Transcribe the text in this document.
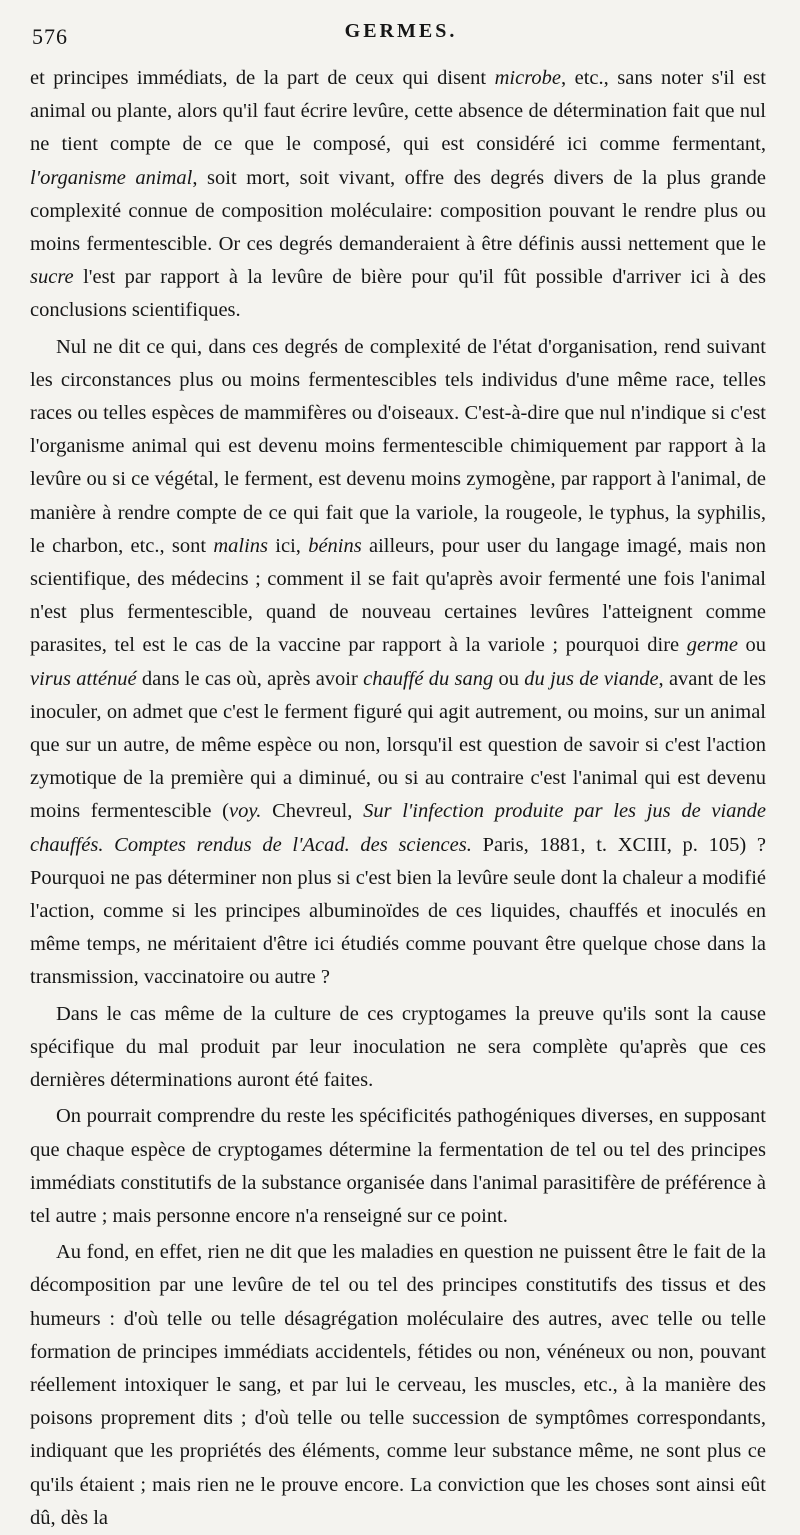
576	GERMES.

et principes immédiats, de la part de ceux qui disent microbe, etc., sans noter s'il est animal ou plante, alors qu'il faut écrire levûre, cette absence de détermination fait que nul ne tient compte de ce que le composé, qui est considéré ici comme fermentant, l'organisme animal, soit mort, soit vivant, offre des degrés divers de la plus grande complexité connue de composition moléculaire: composition pouvant le rendre plus ou moins fermentescible. Or ces degrés demanderaient à être définis aussi nettement que le sucre l'est par rapport à la levûre de bière pour qu'il fût possible d'arriver ici à des conclusions scientifiques.

Nul ne dit ce qui, dans ces degrés de complexité de l'état d'organisation, rend suivant les circonstances plus ou moins fermentescibles tels individus d'une même race, telles races ou telles espèces de mammifères ou d'oiseaux. C'est-à-dire que nul n'indique si c'est l'organisme animal qui est devenu moins fermentescible chimiquement par rapport à la levûre ou si ce végétal, le ferment, est devenu moins zymogène, par rapport à l'animal, de manière à rendre compte de ce qui fait que la variole, la rougeole, le typhus, la syphilis, le charbon, etc., sont malins ici, bénins ailleurs, pour user du langage imagé, mais non scientifique, des médecins ; comment il se fait qu'après avoir fermenté une fois l'animal n'est plus fermentescible, quand de nouveau certaines levûres l'atteignent comme parasites, tel est le cas de la vaccine par rapport à la variole ; pourquoi dire germe ou virus atténué dans le cas où, après avoir chauffé du sang ou du jus de viande, avant de les inoculer, on admet que c'est le ferment figuré qui agit autrement, ou moins, sur un animal que sur un autre, de même espèce ou non, lorsqu'il est question de savoir si c'est l'action zymotique de la première qui a diminué, ou si au contraire c'est l'animal qui est devenu moins fermentescible (voy. Chevreul, Sur l'infection produite par les jus de viande chauffés. Comptes rendus de l'Acad. des sciences. Paris, 1881, t. XCIII, p. 105) ? Pourquoi ne pas déterminer non plus si c'est bien la levûre seule dont la chaleur a modifié l'action, comme si les principes albuminoïdes de ces liquides, chauffés et inoculés en même temps, ne méritaient d'être ici étudiés comme pouvant être quelque chose dans la transmission, vaccinatoire ou autre ?

Dans le cas même de la culture de ces cryptogames la preuve qu'ils sont la cause spécifique du mal produit par leur inoculation ne sera complète qu'après que ces dernières déterminations auront été faites.

On pourrait comprendre du reste les spécificités pathogéniques diverses, en supposant que chaque espèce de cryptogames détermine la fermentation de tel ou tel des principes immédiats constitutifs de la substance organisée dans l'animal parasitifère de préférence à tel autre ; mais personne encore n'a renseigné sur ce point.

Au fond, en effet, rien ne dit que les maladies en question ne puissent être le fait de la décomposition par une levûre de tel ou tel des principes constitutifs des tissus et des humeurs : d'où telle ou telle désagrégation moléculaire des autres, avec telle ou telle formation de principes immédiats accidentels, fétides ou non, vénéneux ou non, pouvant réellement intoxiquer le sang, et par lui le cerveau, les muscles, etc., à la manière des poisons proprement dits ; d'où telle ou telle succession de symptômes correspondants, indiquant que les propriétés des éléments, comme leur substance même, ne sont plus ce qu'ils étaient ; mais rien ne le prouve encore. La conviction que les choses sont ainsi eût dû, dès la
